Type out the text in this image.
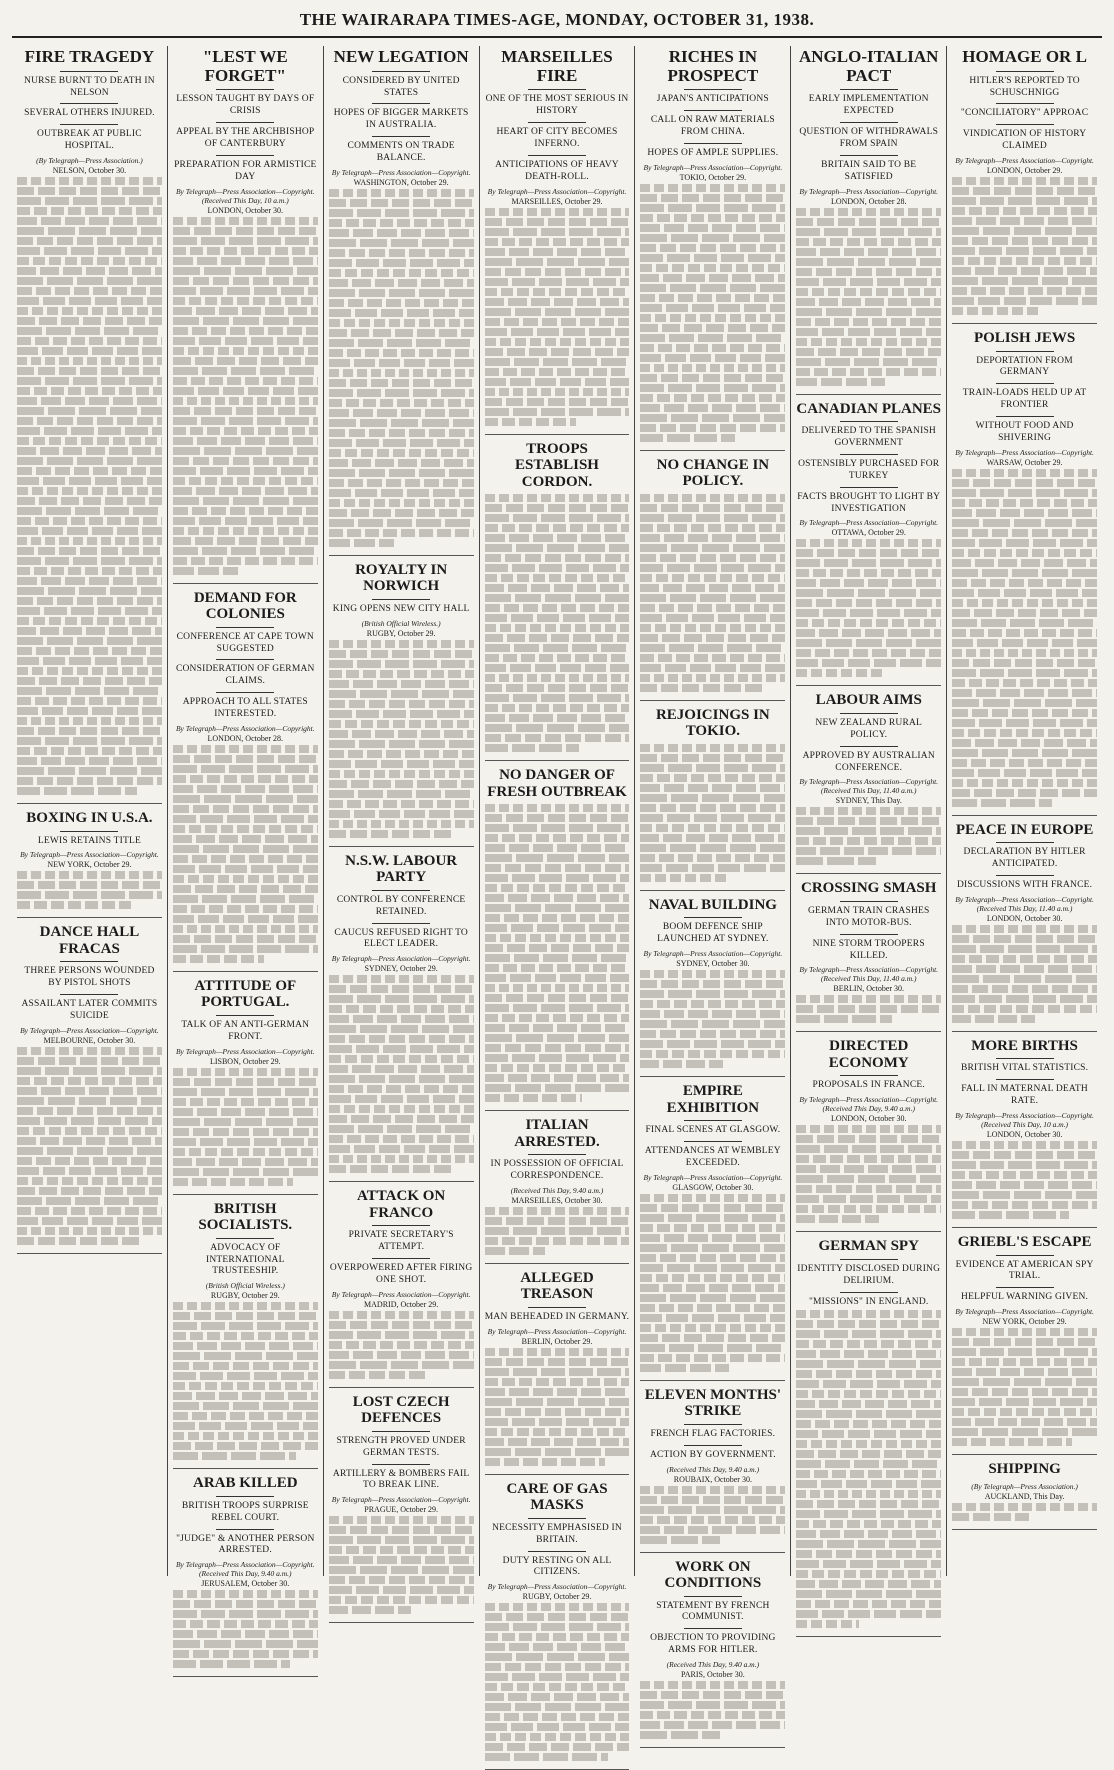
THE WAIRARAPA TIMES-AGE, MONDAY, OCTOBER 31, 1938.
FIRE TRAGEDY
NURSE BURNT TO DEATH IN NELSON
SEVERAL OTHERS INJURED.
OUTBREAK AT PUBLIC HOSPITAL.
(By Telegraph—Press Association.)
NELSON, October 30.
BOXING IN U.S.A.
LEWIS RETAINS TITLE
By Telegraph—Press Association—Copyright.
NEW YORK, October 29.
DANCE HALL FRACAS
THREE PERSONS WOUNDED BY PISTOL SHOTS
ASSAILANT LATER COMMITS SUICIDE
By Telegraph—Press Association—Copyright.
MELBOURNE, October 30.
"LEST WE FORGET"
LESSON TAUGHT BY DAYS OF CRISIS
APPEAL BY THE ARCHBISHOP OF CANTERBURY
PREPARATION FOR ARMISTICE DAY
By Telegraph—Press Association—Copyright. (Received This Day, 10 a.m.)
LONDON, October 30.
DEMAND FOR COLONIES
CONFERENCE AT CAPE TOWN SUGGESTED
CONSIDERATION OF GERMAN CLAIMS.
APPROACH TO ALL STATES INTERESTED.
By Telegraph—Press Association—Copyright.
LONDON, October 28.
ATTITUDE OF PORTUGAL.
TALK OF AN ANTI-GERMAN FRONT.
By Telegraph—Press Association—Copyright.
LISBON, October 29.
BRITISH SOCIALISTS.
ADVOCACY OF INTERNATIONAL TRUSTEESHIP.
(British Official Wireless.)
RUGBY, October 29.
ARAB KILLED
BRITISH TROOPS SURPRISE REBEL COURT.
"JUDGE" & ANOTHER PERSON ARRESTED.
By Telegraph—Press Association—Copyright. (Received This Day, 9.40 a.m.)
JERUSALEM, October 30.
NEW LEGATION
CONSIDERED BY UNITED STATES
HOPES OF BIGGER MARKETS IN AUSTRALIA.
COMMENTS ON TRADE BALANCE.
By Telegraph—Press Association—Copyright.
WASHINGTON, October 29.
ROYALTY IN NORWICH
KING OPENS NEW CITY HALL
(British Official Wireless.)
RUGBY, October 29.
N.S.W. LABOUR PARTY
CONTROL BY CONFERENCE RETAINED.
CAUCUS REFUSED RIGHT TO ELECT LEADER.
By Telegraph—Press Association—Copyright.
SYDNEY, October 29.
ATTACK ON FRANCO
PRIVATE SECRETARY'S ATTEMPT.
OVERPOWERED AFTER FIRING ONE SHOT.
By Telegraph—Press Association—Copyright.
MADRID, October 29.
LOST CZECH DEFENCES
STRENGTH PROVED UNDER GERMAN TESTS.
ARTILLERY & BOMBERS FAIL TO BREAK LINE.
By Telegraph—Press Association—Copyright.
PRAGUE, October 29.
MARSEILLES FIRE
ONE OF THE MOST SERIOUS IN HISTORY
HEART OF CITY BECOMES INFERNO.
ANTICIPATIONS OF HEAVY DEATH-ROLL.
By Telegraph—Press Association—Copyright.
MARSEILLES, October 29.
TROOPS ESTABLISH CORDON.
NO DANGER OF FRESH OUTBREAK
ITALIAN ARRESTED.
IN POSSESSION OF OFFICIAL CORRESPONDENCE.
(Received This Day, 9.40 a.m.)
MARSEILLES, October 30.
ALLEGED TREASON
MAN BEHEADED IN GERMANY.
By Telegraph—Press Association—Copyright.
BERLIN, October 29.
CARE OF GAS MASKS
NECESSITY EMPHASISED IN BRITAIN.
DUTY RESTING ON ALL CITIZENS.
By Telegraph—Press Association—Copyright.
RUGBY, October 29.
RICHES IN PROSPECT
JAPAN'S ANTICIPATIONS
CALL ON RAW MATERIALS FROM CHINA.
HOPES OF AMPLE SUPPLIES.
By Telegraph—Press Association—Copyright.
TOKIO, October 29.
NO CHANGE IN POLICY.
REJOICINGS IN TOKIO.
NAVAL BUILDING
BOOM DEFENCE SHIP LAUNCHED AT SYDNEY.
By Telegraph—Press Association—Copyright.
SYDNEY, October 30.
EMPIRE EXHIBITION
FINAL SCENES AT GLASGOW.
ATTENDANCES AT WEMBLEY EXCEEDED.
By Telegraph—Press Association—Copyright.
GLASGOW, October 30.
ELEVEN MONTHS' STRIKE
FRENCH FLAG FACTORIES.
ACTION BY GOVERNMENT.
(Received This Day, 9.40 a.m.)
ROUBAIX, October 30.
WORK ON CONDITIONS
STATEMENT BY FRENCH COMMUNIST.
OBJECTION TO PROVIDING ARMS FOR HITLER.
(Received This Day, 9.40 a.m.)
PARIS, October 30.
ANGLO-ITALIAN PACT
EARLY IMPLEMENTATION EXPECTED
QUESTION OF WITHDRAWALS FROM SPAIN
BRITAIN SAID TO BE SATISFIED
By Telegraph—Press Association—Copyright.
LONDON, October 28.
CANADIAN PLANES
DELIVERED TO THE SPANISH GOVERNMENT
OSTENSIBLY PURCHASED FOR TURKEY
FACTS BROUGHT TO LIGHT BY INVESTIGATION
By Telegraph—Press Association—Copyright.
OTTAWA, October 29.
LABOUR AIMS
NEW ZEALAND RURAL POLICY.
APPROVED BY AUSTRALIAN CONFERENCE.
By Telegraph—Press Association—Copyright. (Received This Day, 11.40 a.m.)
SYDNEY, This Day.
CROSSING SMASH
GERMAN TRAIN CRASHES INTO MOTOR-BUS.
NINE STORM TROOPERS KILLED.
By Telegraph—Press Association—Copyright. (Received This Day, 11.40 a.m.)
BERLIN, October 30.
DIRECTED ECONOMY
PROPOSALS IN FRANCE.
By Telegraph—Press Association—Copyright. (Received This Day, 9.40 a.m.)
LONDON, October 30.
GERMAN SPY
IDENTITY DISCLOSED DURING DELIRIUM.
"MISSIONS" IN ENGLAND.
HOMAGE OR L
HITLER'S REPORTED TO SCHUSCHNIGG
"CONCILIATORY" APPROAC
VINDICATION OF HISTORY CLAIMED
By Telegraph—Press Association—Copyright.
LONDON, October 29.
POLISH JEWS
DEPORTATION FROM GERMANY
TRAIN-LOADS HELD UP AT FRONTIER
WITHOUT FOOD AND SHIVERING
By Telegraph—Press Association—Copyright.
WARSAW, October 29.
PEACE IN EUROPE
DECLARATION BY HITLER ANTICIPATED.
DISCUSSIONS WITH FRANCE.
By Telegraph—Press Association—Copyright. (Received This Day, 11.40 a.m.)
LONDON, October 30.
MORE BIRTHS
BRITISH VITAL STATISTICS.
FALL IN MATERNAL DEATH RATE.
By Telegraph—Press Association—Copyright. (Received This Day, 10 a.m.)
LONDON, October 30.
GRIEBL'S ESCAPE
EVIDENCE AT AMERICAN SPY TRIAL.
HELPFUL WARNING GIVEN.
By Telegraph—Press Association—Copyright.
NEW YORK, October 29.
SHIPPING
(By Telegraph—Press Association.)
AUCKLAND, This Day.
